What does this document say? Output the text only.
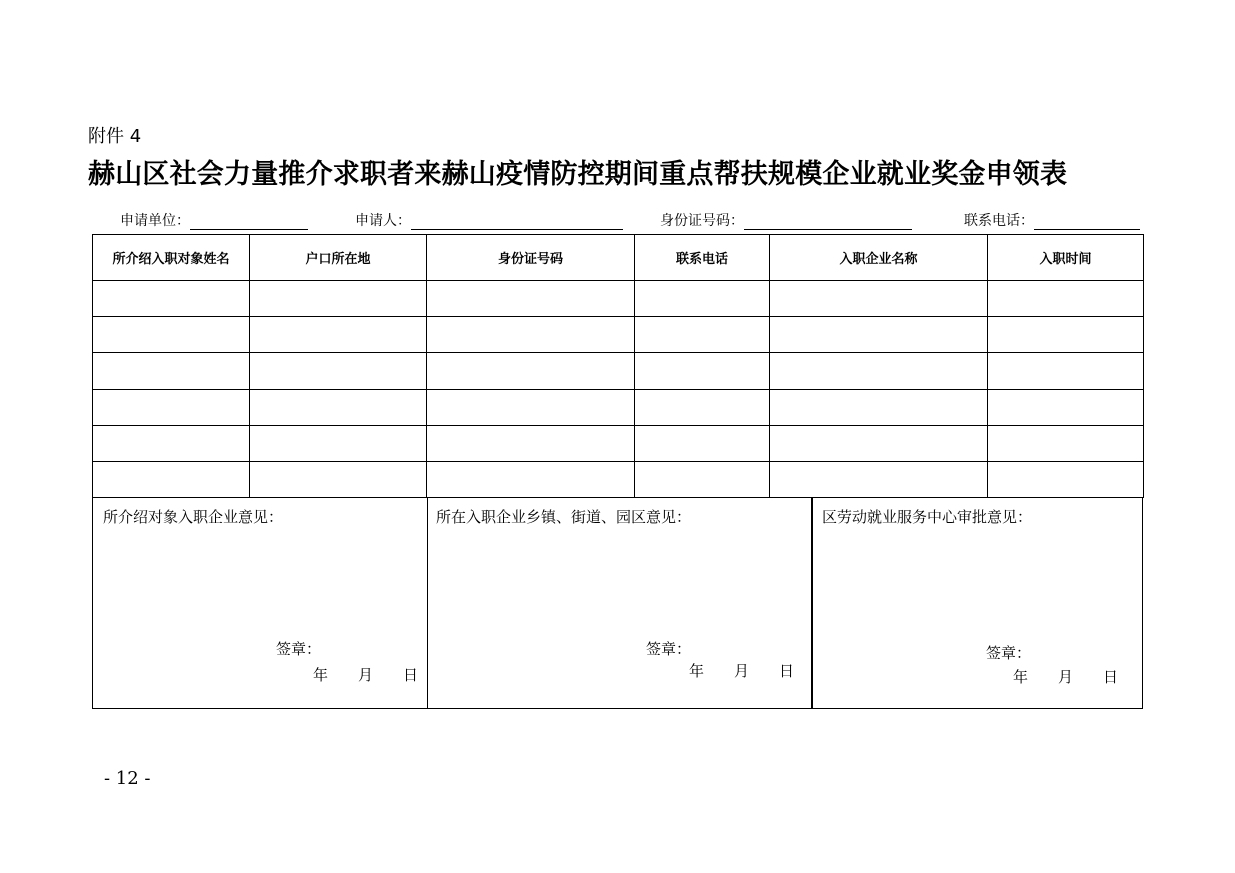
附件 4
赫山区社会力量推介求职者来赫山疫情防控期间重点帮扶规模企业就业奖金申领表
申请单位：	申请人：	身份证号码：	联系电话：
所介绍入职对象姓名	户口所在地	身份证号码	联系电话	入职企业名称	入职时间

所介绍对象入职企业意见：
签章：
年 月 日
所在入职企业乡镇、街道、园区意见：
签章：
年 月 日
区劳动就业服务中心审批意见：
签章：
年 月 日
- 12 -
